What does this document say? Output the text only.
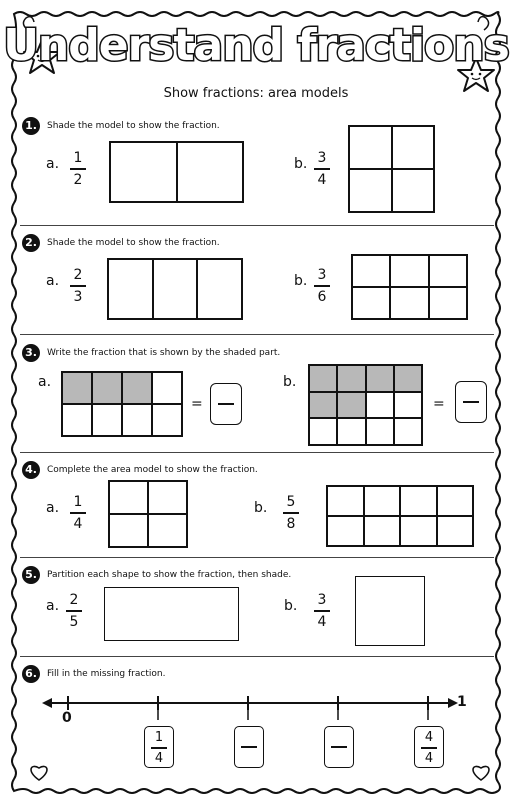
Understand fractions
Show fractions: area models
1.	Shade the model to show the fraction.
a. 1
2
b. 3
4
2.	Shade the model to show the fraction.
a. 2
3
b. 3
6
3.	Write the fraction that is shown by the shaded part.
a.
=
b.
=
4.	Complete the area model to show the fraction.
a. 1
4
b. 5
8
5.	Partition each shape to show the fraction, then shade.
a. 2
5
b. 3
4
6.	Fill in the missing fraction.
0
1
1
4
4
4
